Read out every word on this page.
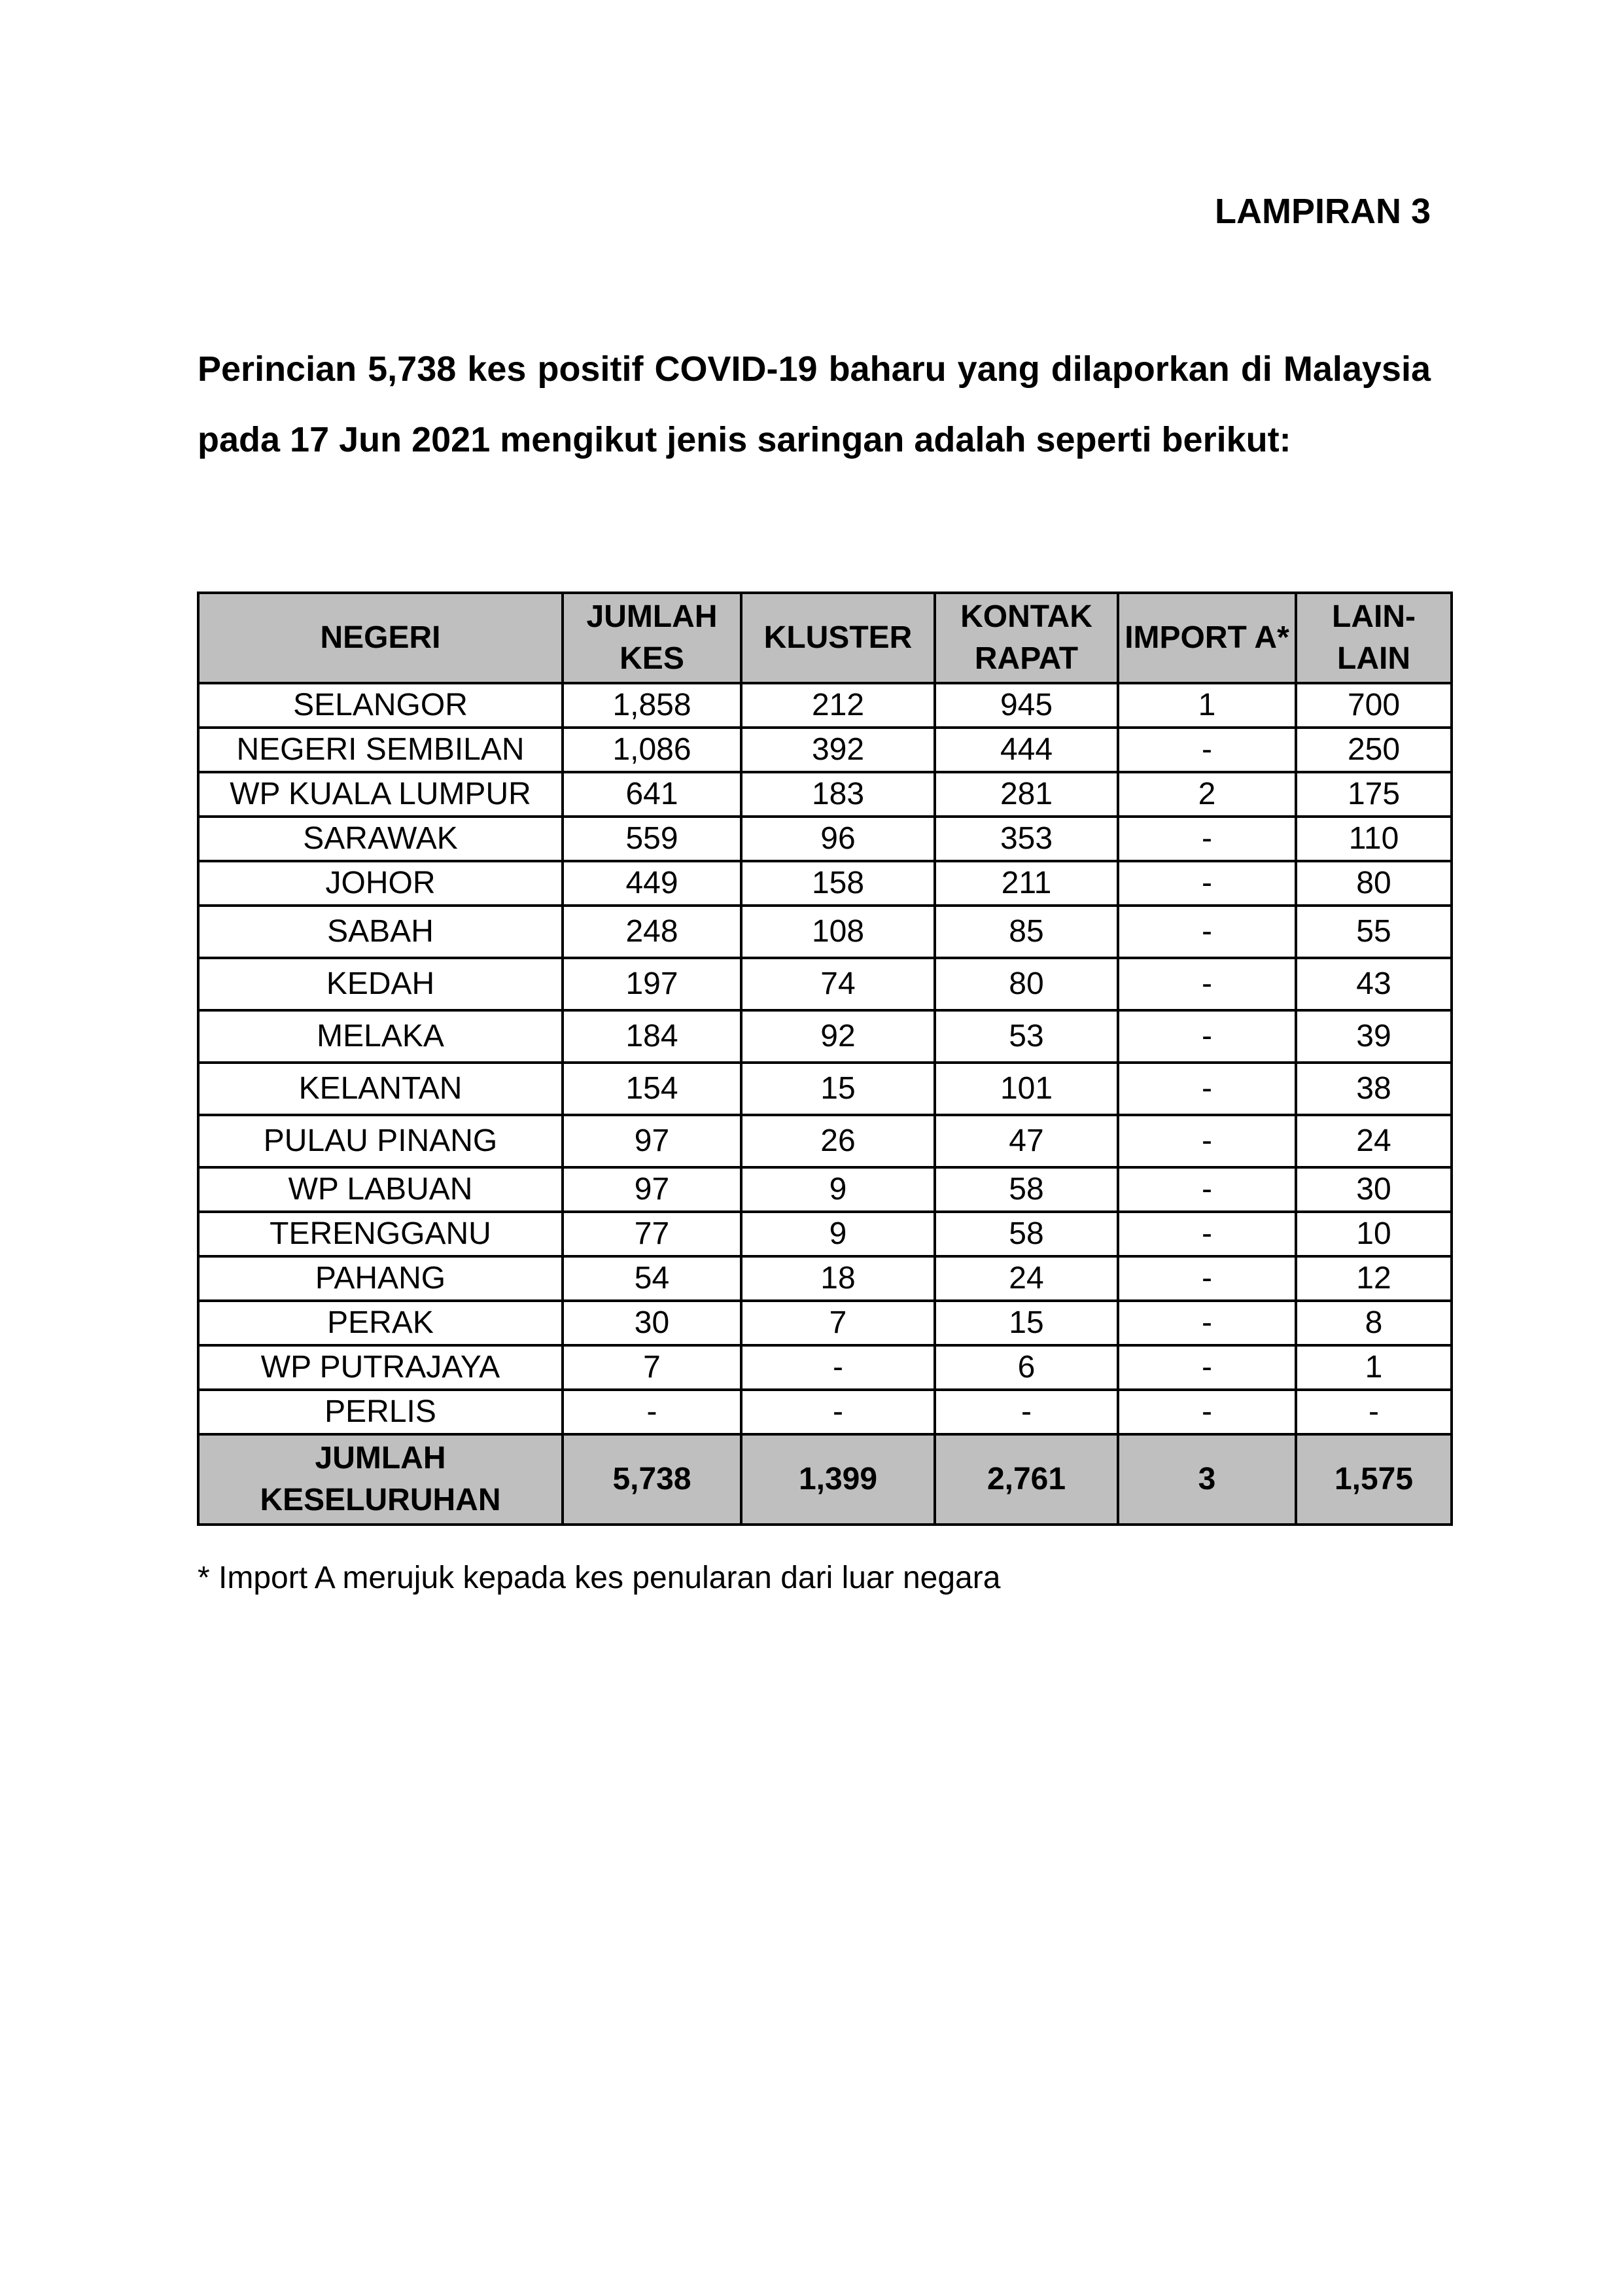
LAMPIRAN 3

Perincian 5,738 kes positif COVID-19 baharu yang dilaporkan di Malaysia pada 17 Jun 2021 mengikut jenis saringan adalah seperti berikut:

NEGERI	JUMLAH KES	KLUSTER	KONTAK RAPAT	IMPORT A*	LAIN-LAIN
SELANGOR	1,858	212	945	1	700
NEGERI SEMBILAN	1,086	392	444	-	250
WP KUALA LUMPUR	641	183	281	2	175
SARAWAK	559	96	353	-	110
JOHOR	449	158	211	-	80
SABAH	248	108	85	-	55
KEDAH	197	74	80	-	43
MELAKA	184	92	53	-	39
KELANTAN	154	15	101	-	38
PULAU PINANG	97	26	47	-	24
WP LABUAN	97	9	58	-	30
TERENGGANU	77	9	58	-	10
PAHANG	54	18	24	-	12
PERAK	30	7	15	-	8
WP PUTRAJAYA	7	-	6	-	1
PERLIS	-	-	-	-	-
JUMLAH KESELURUHAN	5,738	1,399	2,761	3	1,575

* Import A merujuk kepada kes penularan dari luar negara
